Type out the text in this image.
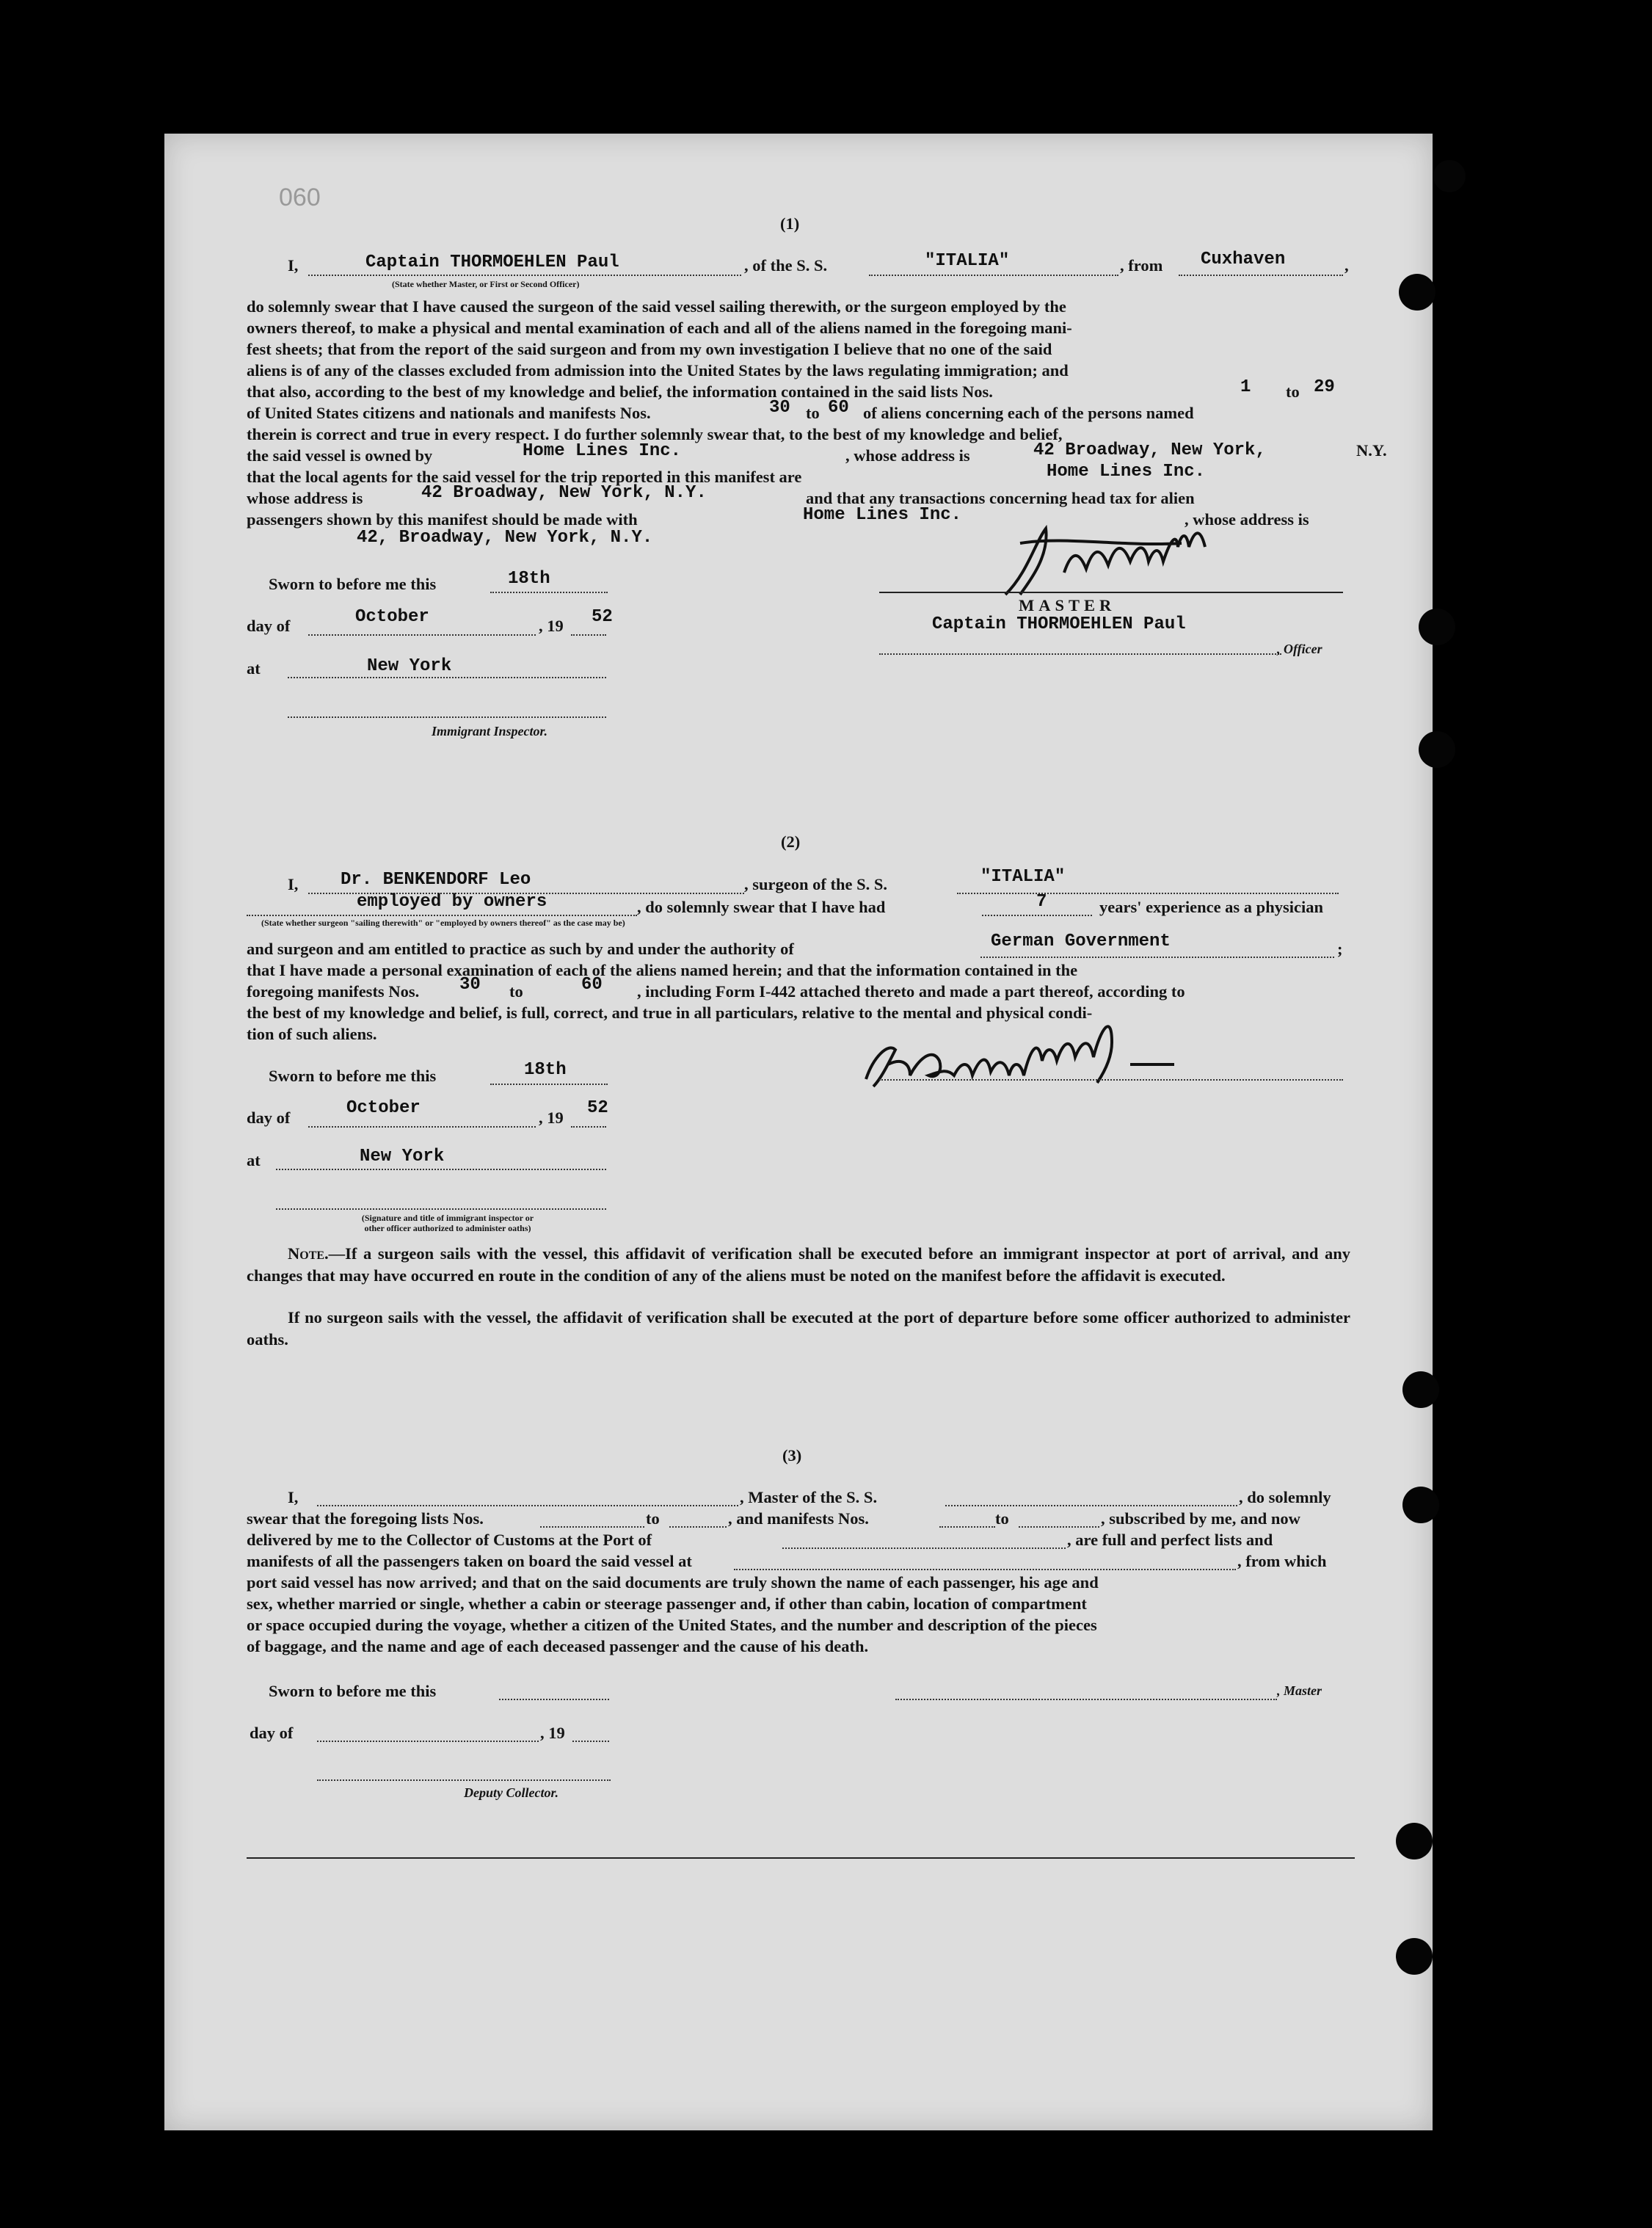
060
(1)
I,	Captain THORMOEHLEN Paul
(State whether Master, or First or Second Officer)
, of the S. S.	"ITALIA"	, from Cuxhaven	,
do solemnly swear that I have caused the surgeon of the said vessel sailing therewith, or the surgeon employed by the
owners thereof, to make a physical and mental examination of each and all of the aliens named in the foregoing mani-
fest sheets; that from the report of the said surgeon and from my own investigation I believe that no one of the said
aliens is of any of the classes excluded from admission into the United States by the laws regulating immigration; and
that also, according to the best of my knowledge and belief, the information contained in the said lists Nos.	1 to 29
of United States citizens and nationals and manifests Nos.	30 to 60 of aliens concerning each of the persons named
therein is correct and true in every respect. I do further solemnly swear that, to the best of my knowledge and belief,
the said vessel is owned by	Home Lines Inc.	, whose address is	42 Broadway, New York,	N.Y.
that the local agents for the said vessel for the trip reported in this manifest are	Home Lines Inc.
whose address is	42 Broadway, New York, N.Y.	and that any transactions concerning head tax for alien
passengers shown by this manifest should be made with	Home Lines Inc.	, whose address is
42, Broadway, New York, N.Y.
MASTER
Captain THORMOEHLEN Paul
, Officer
Sworn to before me this	18th
day of	October	, 19 52
at	New York
Immigrant Inspector.
(2)
I, Dr. BENKENDORF Leo	, surgeon of the S. S.	"ITALIA"
employed by owners	, do solemnly swear that I have had	7	years' experience as a physician
(State whether surgeon "sailing therewith" or "employed by owners thereof" as the case may be)
and surgeon and am entitled to practice as such by and under the authority of	German Government	;
that I have made a personal examination of each of the aliens named herein; and that the information contained in the
foregoing manifests Nos. 30 to	60 , including Form I-442 attached thereto and made a part thereof, according to
the best of my knowledge and belief, is full, correct, and true in all particulars, relative to the mental and physical condi-
tion of such aliens.
Sworn to before me this	18th
day of	October	, 19 52
at	New York
(Signature and title of immigrant inspector or
other officer authorized to administer oaths)
Note.—If a surgeon sails with the vessel, this affidavit of verification shall be executed before an immigrant inspector at port of arrival, and any changes that may have occurred en route in the condition of any of the aliens must be noted on the manifest before the affidavit is executed.
If no surgeon sails with the vessel, the affidavit of verification shall be executed at the port of departure before some officer authorized to administer oaths.
(3)
I,	, Master of the S. S.	, do solemnly
swear that the foregoing lists Nos.	to	, and manifests Nos.	to	, subscribed by me, and now
delivered by me to the Collector of Customs at the Port of	, are full and perfect lists and
manifests of all the passengers taken on board the said vessel at	, from which
port said vessel has now arrived; and that on the said documents are truly shown the name of each passenger, his age and
sex, whether married or single, whether a cabin or steerage passenger and, if other than cabin, location of compartment
or space occupied during the voyage, whether a citizen of the United States, and the number and description of the pieces
of baggage, and the name and age of each deceased passenger and the cause of his death.
Sworn to before me this	, Master
day of	, 19
Deputy Collector.
